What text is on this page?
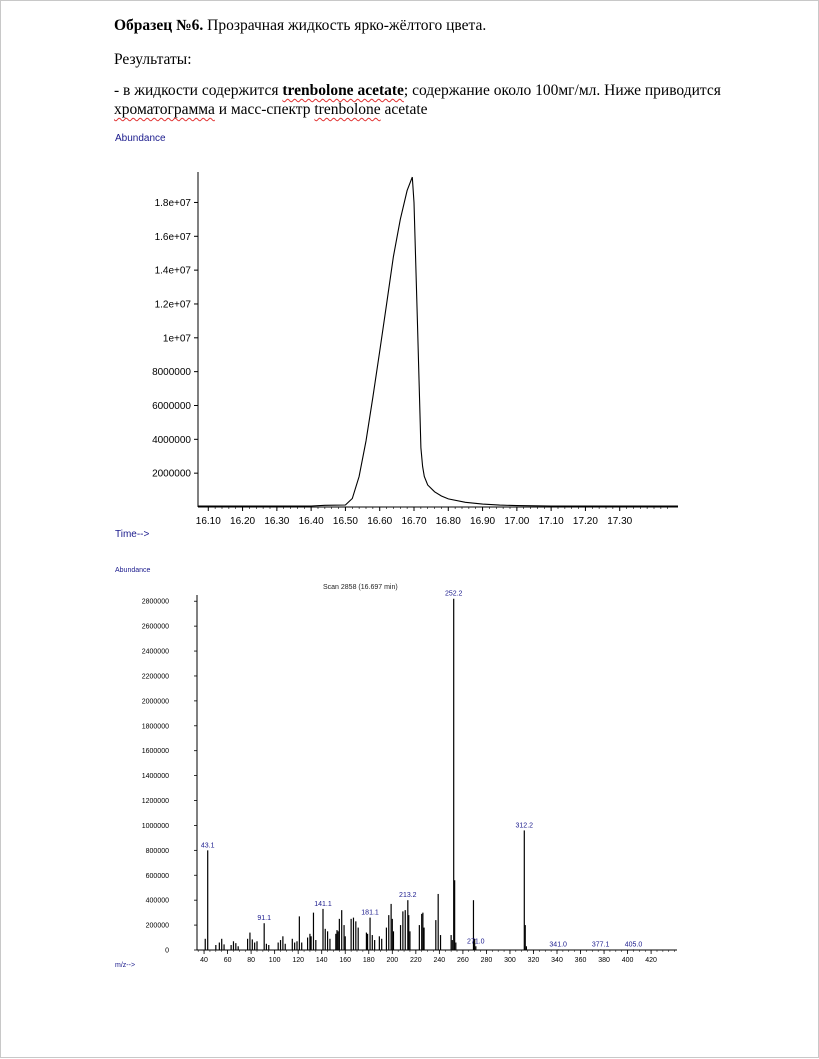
Образец №6. Прозрачная жидкость ярко-жёлтого цвета.
Результаты:
- в жидкости содержится trenbolone acetate; содержание около 100мг/мл. Ниже приводится
хроматограмма и масс-спектр trenbolone acetate
Abundance
Time-->
2000000
4000000
6000000
8000000
1e+07
1.2e+07
1.4e+07
1.6e+07
1.8e+07
16.10 16.20 16.30 16.40 16.50 16.60 16.70 16.80 16.90 17.00 17.10 17.20 17.30
Abundance
Scan 2858 (16.697 min)
m/z-->
0
200000
400000
600000
800000
1000000
1200000
1400000
1600000
1800000
2000000
2200000
2400000
2600000
2800000
40 60 80 100 120 140 160 180 200 220 240 260 280 300 320 340 360 380 400 420
43.1
91.1
141.1
181.1
213.2
252.2
271.0
312.2
341.0	377.1 405.0
